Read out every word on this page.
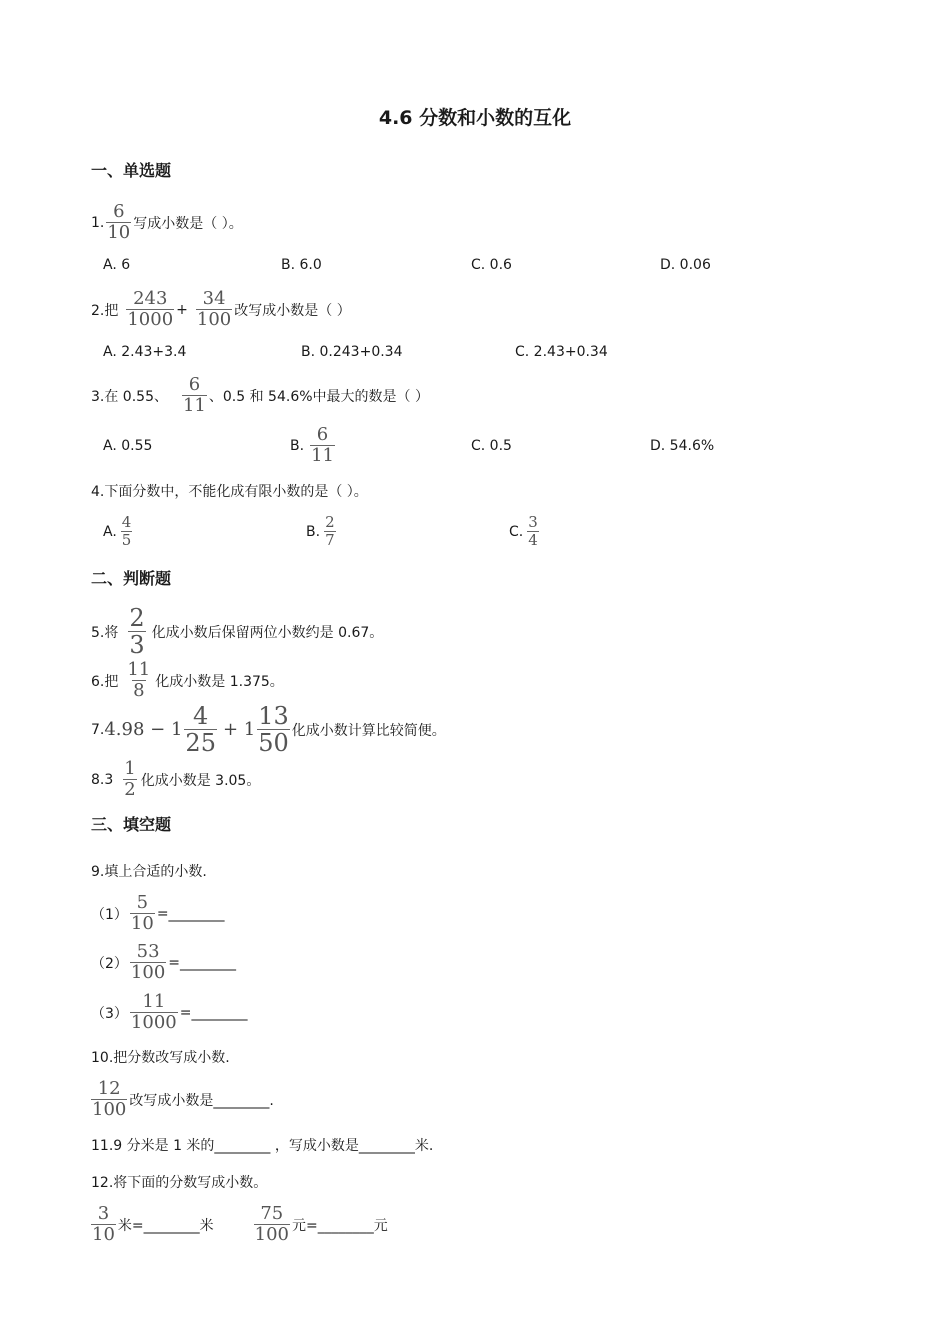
4.6 分数和小数的互化
一、单选题
1. $\frac{6}{10}$ 写成小数是（ ）。
A. 6	B. 6.0	C. 0.6	D. 0.06
2.把 $\frac{243}{1000} + \frac{34}{100}$ 改写成小数是（ ）
A. 2.43+3.4	B. 0.243+0.34	C. 2.43+0.34
3.在 0.55、 $\frac{6}{11}$ 、0.5 和 54.6%中最大的数是（ ）
A. 0.55	B. $\frac{6}{11}$	C. 0.5	D. 54.6%
4.下面分数中，不能化成有限小数的是（ ）。
A. $\frac{4}{5}$	B. $\frac{2}{7}$	C. $\frac{3}{4}$
二、判断题
5.将 $\frac{2}{3}$ 化成小数后保留两位小数约是 0.67。
6.把 $\frac{11}{8}$ 化成小数是 1.375。
7. $4.98 - 1 \frac{4}{25} + 1 \frac{13}{50}$ 化成小数计算比较简便。
$8.3 \frac{1}{2}$ 化成小数是 3.05。
三、填空题
9.填上合适的小数.
$(1) \frac{5}{10}$ =________
$(2) \frac{53}{100}$ =________
$(3) \frac{11}{1000}$ =________
10.把分数改写成小数.
$\frac{12}{100}$ 改写成小数是________.
11.9 分米是 1 米的________ ，写成小数是________米.
12.将下面的分数写成小数。
$\frac{3}{10}$ 米=________米 $\frac{75}{100}$ 元=________元
